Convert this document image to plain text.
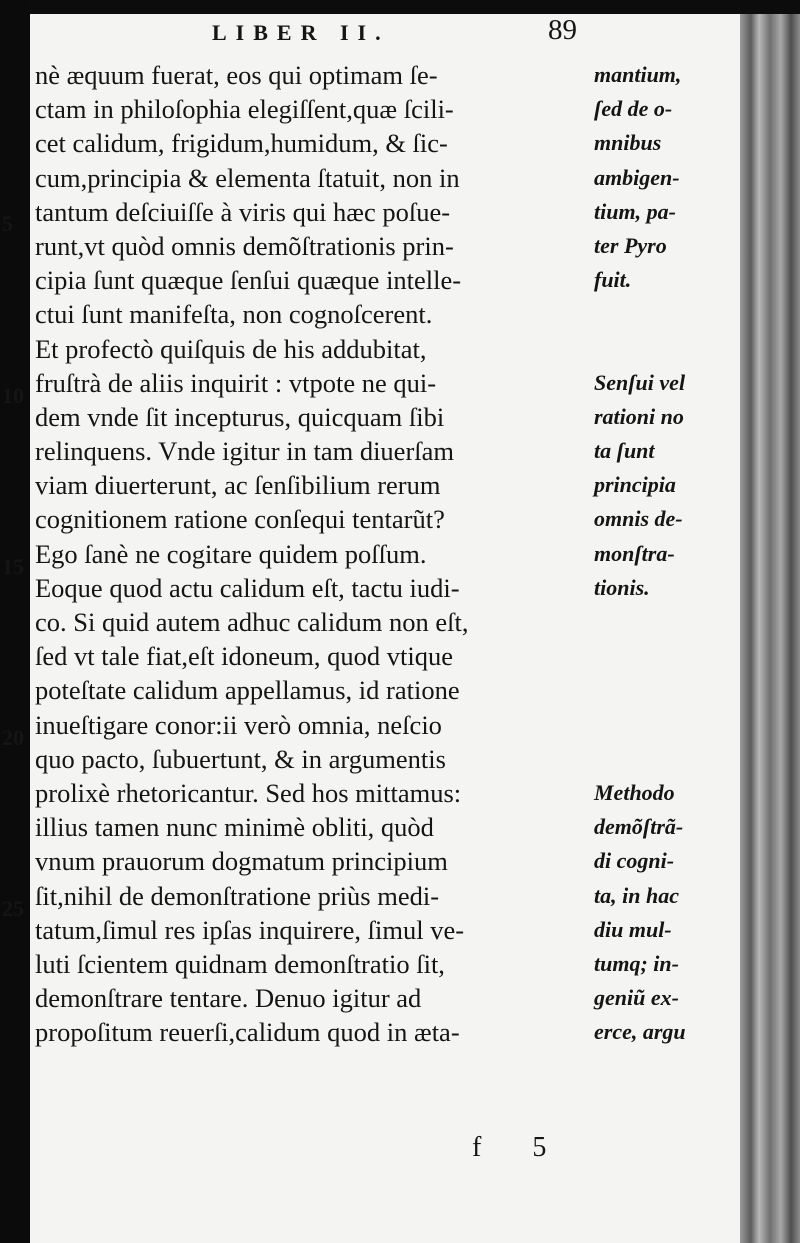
LIBER II.	89
5
10
15
20
25
nè æquum fuerat, eos qui optimam ſe-
ctam in philoſophia elegiſſent,quæ ſcili-
cet calidum, frigidum,humidum, & ſic-
cum,principia & elementa ſtatuit, non in
tantum deſciuiſſe à viris qui hæc poſue-
runt,vt quòd omnis demõſtrationis prin-
cipia ſunt quæque ſenſui quæque intelle-
ctui ſunt manifeſta, non cognoſcerent.
Et profectò quiſquis de his addubitat,
fruſtrà de aliis inquirit : vtpote ne qui-
dem vnde ſit incepturus, quicquam ſibi
relinquens. Vnde igitur in tam diuerſam
viam diuerterunt, ac ſenſibilium rerum
cognitionem ratione conſequi tentarũt?
Ego ſanè ne cogitare quidem poſſum.
Eoque quod actu calidum eſt, tactu iudi-
co. Si quid autem adhuc calidum non eſt,
ſed vt tale fiat,eſt idoneum, quod vtique
poteſtate calidum appellamus, id ratione
inueſtigare conor:ii verò omnia, neſcio
quo pacto, ſubuertunt, & in argumentis
prolixè rhetoricantur. Sed hos mittamus:
illius tamen nunc minimè obliti, quòd
vnum prauorum dogmatum principium
ſit,nihil de demonſtratione priùs medi-
tatum,ſimul res ipſas inquirere, ſimul ve-
luti ſcientem quidnam demonſtratio ſit,
demonſtrare tentare. Denuo igitur ad
propoſitum reuerſi,calidum quod in æta-
mantium,
ſed de o-
mnibus
ambigen-
tium, pa-
ter Pyro
fuit.
Senſui vel
rationi no
ta ſunt
principia
omnis de-
monſtra-
tionis.
Methodo
demõſtrã-
di cogni-
ta, in hac
diu mul-
tumq; in-
geniũ ex-
erce, argu
f 5
